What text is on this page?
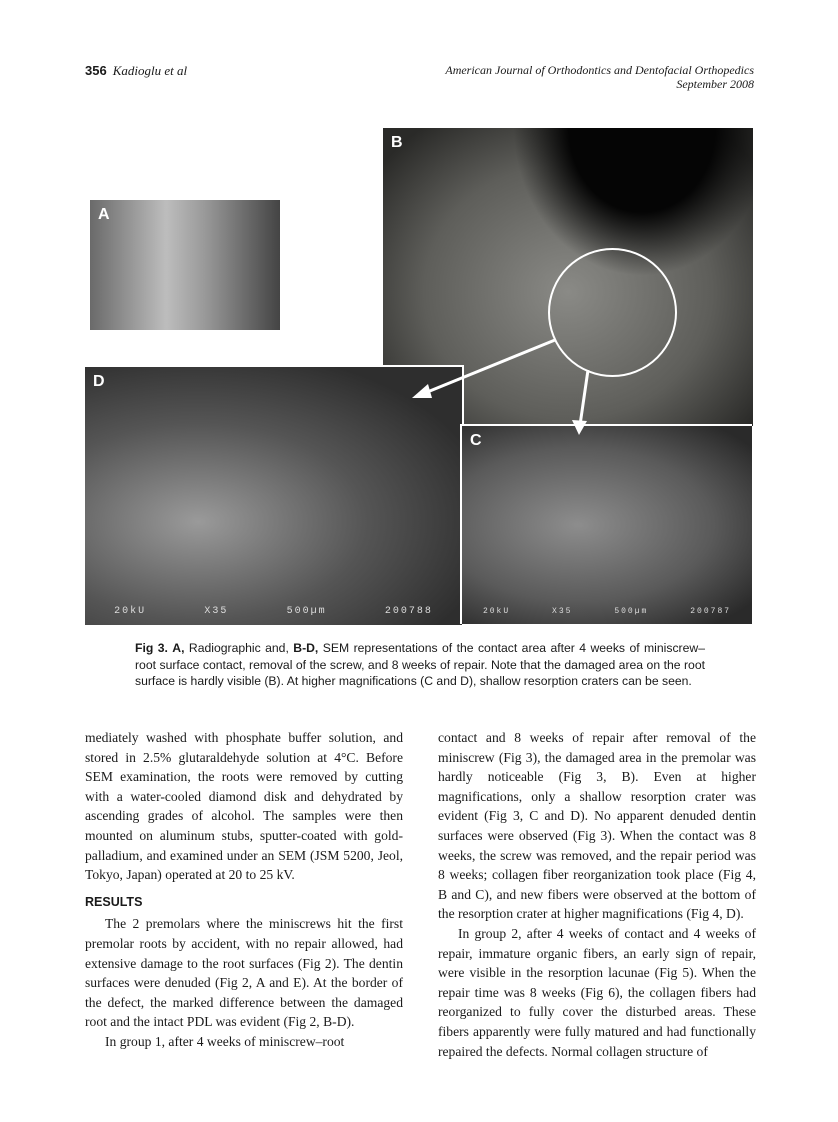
356 Kadioglu et al	American Journal of Orthodontics and Dentofacial Orthopedics
September 2008
B
A
D
20kU	X35	500µm	200788
C
20kU	X35	500µm	200787
Fig 3. A, Radiographic and, B-D, SEM representations of the contact area after 4 weeks of miniscrew–root surface contact, removal of the screw, and 8 weeks of repair. Note that the damaged area on the root surface is hardly visible (B). At higher magnifications (C and D), shallow resorption craters can be seen.

mediately washed with phosphate buffer solution, and stored in 2.5% glutaraldehyde solution at 4°C. Before SEM examination, the roots were removed by cutting with a water-cooled diamond disk and dehydrated by ascending grades of alcohol. The samples were then mounted on aluminum stubs, sputter-coated with gold-palladium, and examined under an SEM (JSM 5200, Jeol, Tokyo, Japan) operated at 20 to 25 kV.

RESULTS

The 2 premolars where the miniscrews hit the first premolar roots by accident, with no repair allowed, had extensive damage to the root surfaces (Fig 2). The dentin surfaces were denuded (Fig 2, A and E). At the border of the defect, the marked difference between the damaged root and the intact PDL was evident (Fig 2, B-D).

In group 1, after 4 weeks of miniscrew–root

contact and 8 weeks of repair after removal of the miniscrew (Fig 3), the damaged area in the premolar was hardly noticeable (Fig 3, B). Even at higher magnifications, only a shallow resorption crater was evident (Fig 3, C and D). No apparent denuded dentin surfaces were observed (Fig 3). When the contact was 8 weeks, the screw was removed, and the repair period was 8 weeks; collagen fiber reorganization took place (Fig 4, B and C), and new fibers were observed at the bottom of the resorption crater at higher magnifications (Fig 4, D).

In group 2, after 4 weeks of contact and 4 weeks of repair, immature organic fibers, an early sign of repair, were visible in the resorption lacunae (Fig 5). When the repair time was 8 weeks (Fig 6), the collagen fibers had reorganized to fully cover the disturbed areas. These fibers apparently were fully matured and had functionally repaired the defects. Normal collagen structure of
